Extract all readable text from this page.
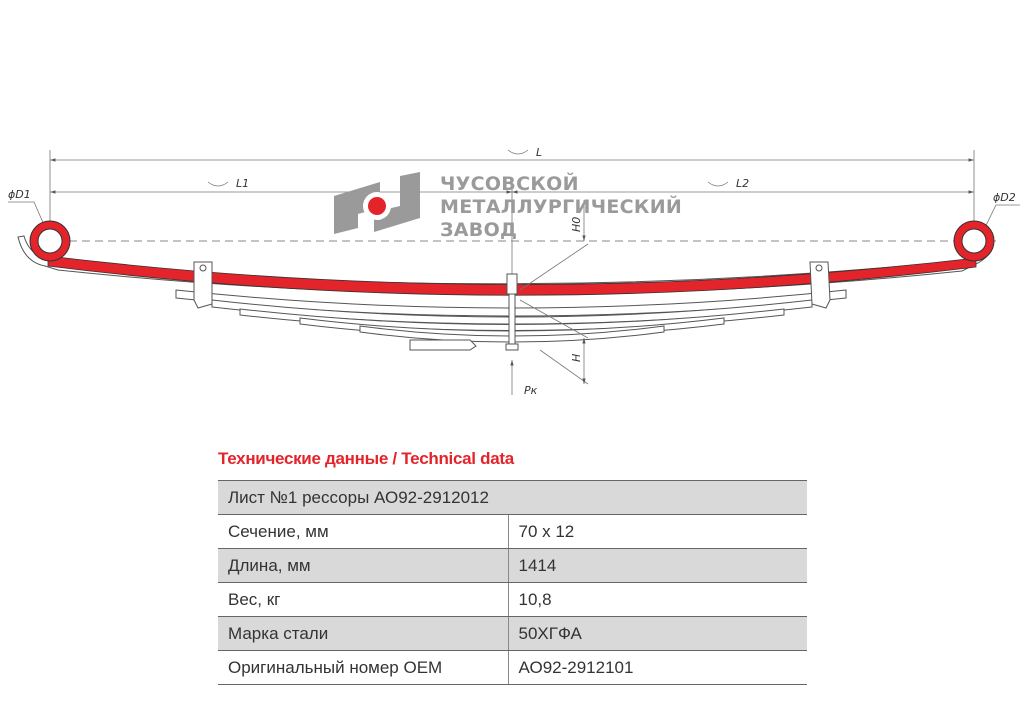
L
L1	L2
ϕD1	ϕD2
H0
H
Pк
ЧУСОВСКОЙ
МЕТАЛЛУРГИЧЕСКИЙ
ЗАВОД
Технические данные / Technical data
Лист №1 рессоры АО92-2912012	
Сечение, мм	70 х 12
Длина, мм	1414
Вес, кг	10,8
Марка стали	50ХГФА
Оригинальный номер OEM	АО92-2912101
